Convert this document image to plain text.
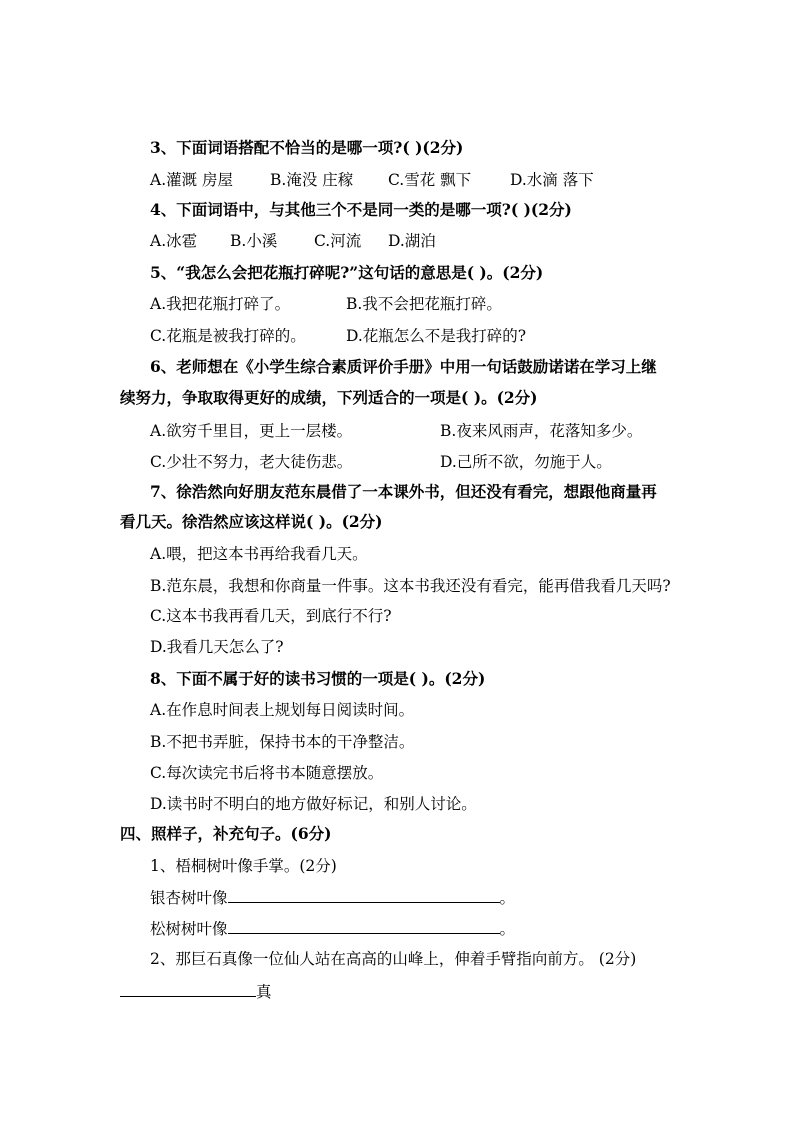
3、下面词语搭配不恰当的是哪一项?( )(2分)
A.灌溉 房屋 B.淹没 庄稼 C.雪花 飘下	D.水滴 落下
4、下面词语中，与其他三个不是同一类的是哪一项?( )(2分)
A.冰雹 B.小溪 C.河流 D.湖泊
5、“我怎么会把花瓶打碎呢?”这句话的意思是( )。(2分)
A.我把花瓶打碎了。	B.我不会把花瓶打碎。
C.花瓶是被我打碎的。	D.花瓶怎么不是我打碎的?
6、老师想在《小学生综合素质评价手册》中用一句话鼓励诺诺在学习上继
续努力，争取取得更好的成绩，下列适合的一项是( )。(2分)
A.欲穷千里目，更上一层楼。	B.夜来风雨声，花落知多少。
C.少壮不努力，老大徒伤悲。	D.己所不欲，勿施于人。
7、徐浩然向好朋友范东晨借了一本课外书，但还没有看完，想跟他商量再
看几天。徐浩然应该这样说( )。(2分)
A.喂，把这本书再给我看几天。
B.范东晨，我想和你商量一件事。这本书我还没有看完，能再借我看几天吗?
C.这本书我再看几天，到底行不行?
D.我看几天怎么了?
8、下面不属于好的读书习惯的一项是( )。(2分)
A.在作息时间表上规划每日阅读时间。
B.不把书弄脏，保持书本的干净整洁。
C.每次读完书后将书本随意摆放。
D.读书时不明白的地方做好标记，和别人讨论。
四、照样子，补充句子。(6分)
1、梧桐树叶像手掌。(2分)
银杏树叶像	。
松树树叶像	。
2、那巨石真像一位仙人站在高高的山峰上，伸着手臂指向前方。 (2分)
真
